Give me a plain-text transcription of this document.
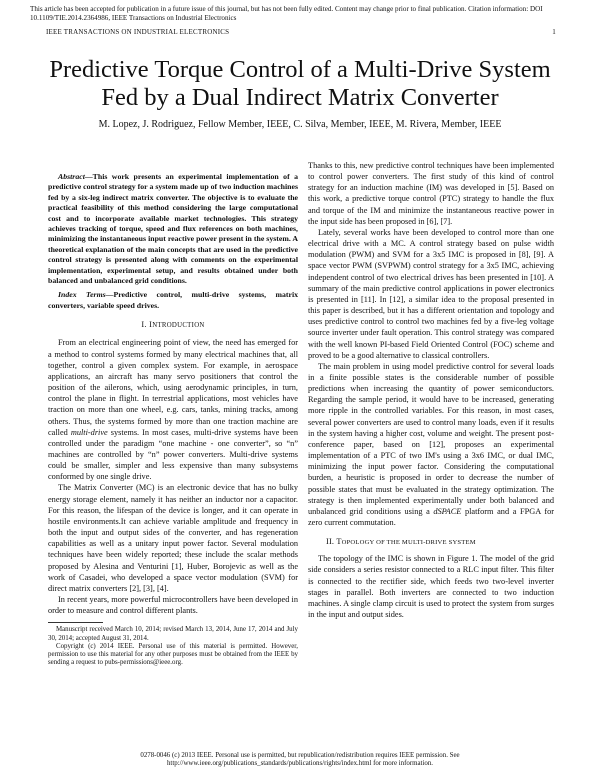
This article has been accepted for publication in a future issue of this journal, but has not been fully edited. Content may change prior to final publication. Citation information: DOI 10.1109/TIE.2014.2364986, IEEE Transactions on Industrial Electronics
IEEE TRANSACTIONS ON INDUSTRIAL ELECTRONICS	1
Predictive Torque Control of a Multi-Drive System Fed by a Dual Indirect Matrix Converter
M. Lopez, J. Rodriguez, Fellow Member, IEEE, C. Silva, Member, IEEE, M. Rivera, Member, IEEE

Abstract—This work presents an experimental implementation of a predictive control strategy for a system made up of two induction machines fed by a six-leg indirect matrix converter. The objective is to evaluate the practical feasibility of this method considering the large computational cost and to incorporate available market technologies. This strategy achieves tracking of torque, speed and flux references on both machines, minimizing the instantaneous input reactive power present in the system. A theoretical explanation of the main concepts that are used in the predictive control strategy is presented along with comments on the experimental implementation, experimental setup, and results obtained under both balanced and unbalanced grid conditions.

Index Terms—Predictive control, multi-drive systems, matrix converters, variable speed drives.

I. INTRODUCTION

From an electrical engineering point of view, the need has emerged for a method to control systems formed by many electrical machines that, all together, control a given complex system. For example, in aerospace applications, an aircraft has many servo positioners that control the position of the ailerons, which, using aerodynamic principles, in turn, control the plane in flight. In terrestrial applications, most vehicles have traction on more than one wheel, e.g. cars, tanks, mining tracks, among others. Thus, the systems formed by more than one traction machine are called multi-drive systems. In most cases, multi-drive systems have been controlled under the paradigm “one machine - one converter”, so “n” machines are controlled by “n” power converters. Multi-drive systems could be smaller, simpler and less expensive than many subsystems conformed by one single drive.

The Matrix Converter (MC) is an electronic device that has no bulky energy storage element, namely it has neither an inductor nor a capacitor. For this reason, the lifespan of the device is longer, and it can operate in hostile environments.It can achieve variable amplitude and frequency in both the input and output sides of the converter, and has regeneration capabilities as well as a unitary input power factor. Several modulation techniques have been widely reported; these include the scalar methods proposed by Alesina and Venturini [1], Huber, Borojevic as well as the work of Casadei, who developed a space vector modulation (SVM) for direct matrix converters [2], [3], [4].

In recent years, more powerful microcontrollers have been developed in order to measure and control different plants.

Manuscript received March 10, 2014; revised March 13, 2014, June 17, 2014 and July 30, 2014; accepted August 31, 2014.

Copyright (c) 2014 IEEE. Personal use of this material is permitted. However, permission to use this material for any other purposes must be obtained from the IEEE by sending a request to pubs-permissions@ieee.org.

Thanks to this, new predictive control techniques have been implemented to control power converters. The first study of this kind of control strategy for an induction machine (IM) was developed in [5]. Based on this work, a predictive torque control (PTC) strategy to handle the flux and torque of the IM and minimize the instantaneous reactive power in the input side has been proposed in [6], [7].

Lately, several works have been developed to control more than one electrical drive with a MC. A control strategy based on pulse width modulation (PWM) and SVM for a 3x5 IMC is proposed in [8], [9]. A space vector PWM (SVPWM) control strategy for a 3x5 IMC, achieving independent control of two electrical drives has been presented in [10]. A summary of the main predictive control applications in power electronics is presented in [11]. In [12], a similar idea to the proposal presented in this paper is described, but it has a different orientation and topology and uses predictive control to control two machines fed by a five-leg voltage source inverter under fault operation. This control strategy was compared with the well known PI-based Field Oriented Control (FOC) scheme and proved to be a good alternative to classical controllers.

The main problem in using model predictive control for several loads in a finite possible states is the considerable number of possible predictions when increasing the quantity of power semiconductors. Regarding the sample period, it would have to be increased, generating more ripple in the controlled variables. For this reason, in most cases, several power converters are used to control many loads, even if it results in the system having a higher cost, volume and weight. The present post-conference paper, based on [12], proposes an experimental implementation of a PTC of two IM's using a 3x6 IMC, or dual IMC, minimizing the input power factor. Considering the computational burden, a heuristic is proposed in order to decrease the number of possible states that must be evaluated in the strategy optimization. The strategy is then implemented experimentally under both balanced and unbalanced grid conditions using a dSPACE platform and a FPGA for zero current commutation.

II. TOPOLOGY OF THE MULTI-DRIVE SYSTEM

The topology of the IMC is shown in Figure 1. The model of the grid side considers a series resistor connected to a RLC input filter. This filter is connected to the rectifier side, which feeds two two-level inverter stages in parallel. Both inverters are connected to two induction machines. A single clamp circuit is used to protect the system from surges in the input and output sides.

0278-0046 (c) 2013 IEEE. Personal use is permitted, but republication/redistribution requires IEEE permission. See
http://www.ieee.org/publications_standards/publications/rights/index.html for more information.
